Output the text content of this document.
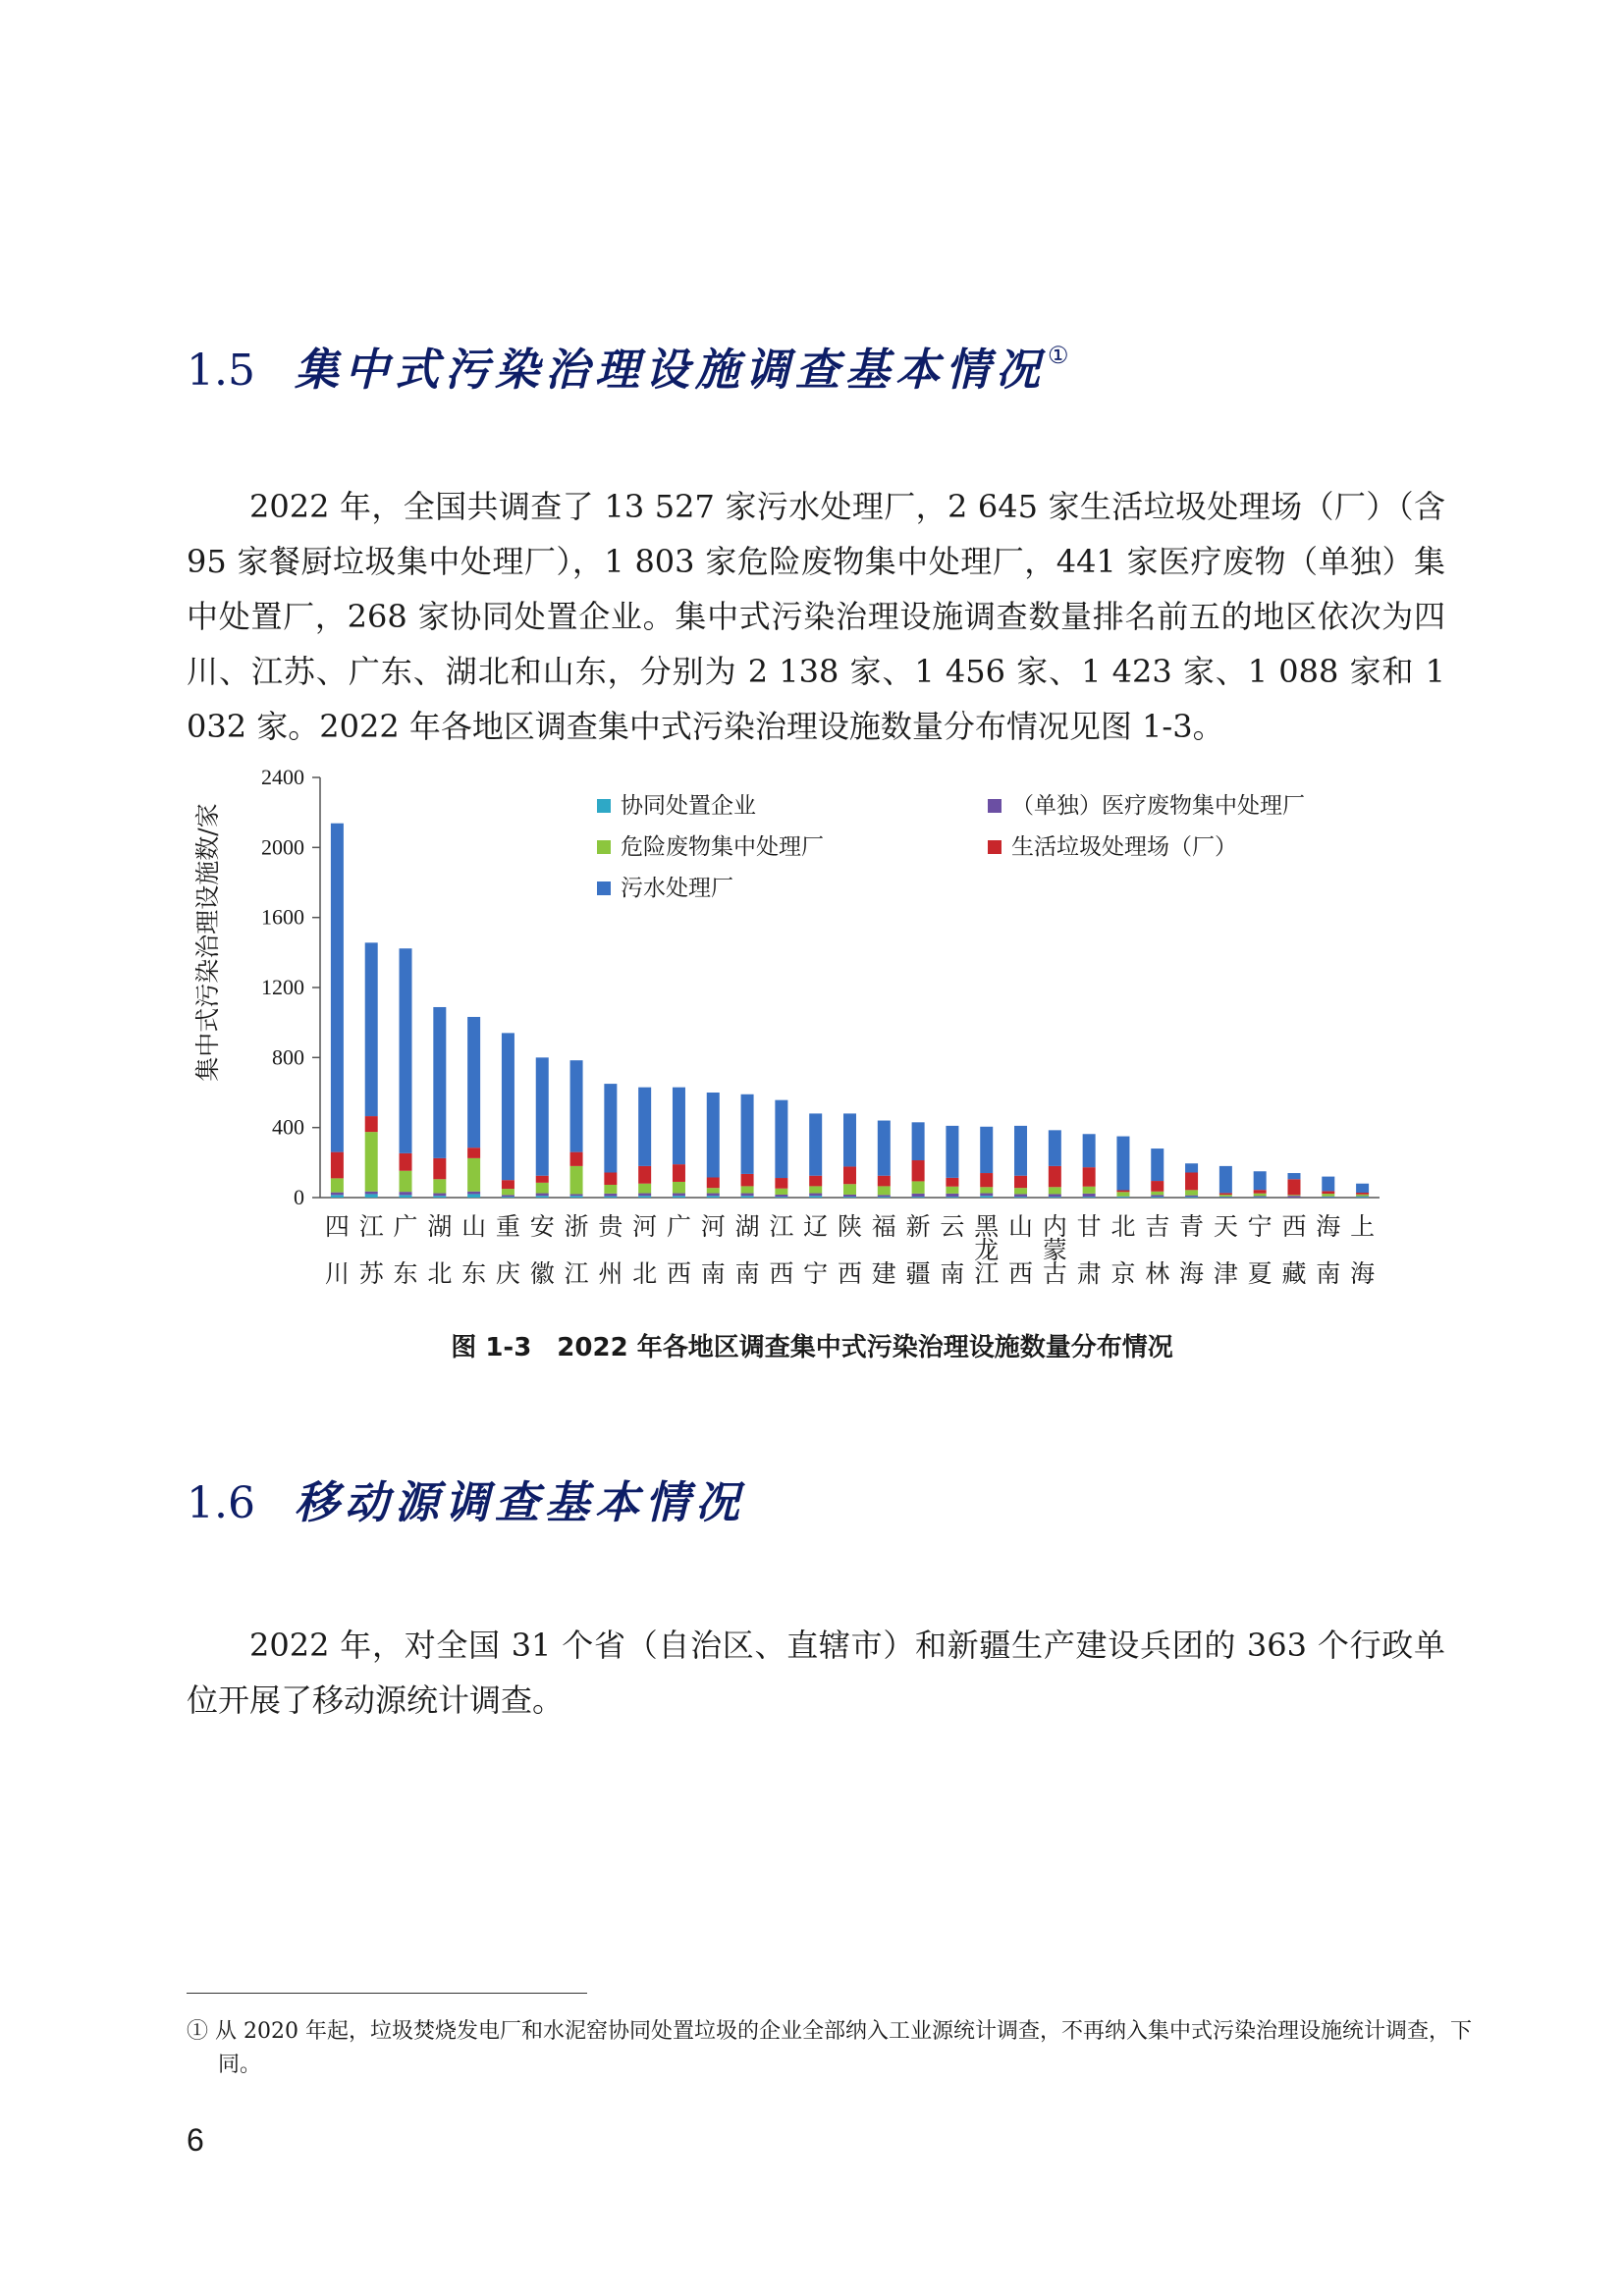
1.5 集中式污染治理设施调查基本情况①

2022 年，全国共调查了 13 527 家污水处理厂，2 645 家生活垃圾处理场（厂）（含 95 家餐厨垃圾集中处理厂），1 803 家危险废物集中处理厂，441 家医疗废物（单独）集中处置厂，268 家协同处置企业。集中式污染治理设施调查数量排名前五的地区依次为四川、江苏、广东、湖北和山东，分别为 2 138 家、1 456 家、1 423 家、1 088 家和 1 032 家。2022 年各地区调查集中式污染治理设施数量分布情况见图 1-3。

0
400
800
1200
1600
2000
2400
四川
江苏
广东
湖北
山东
重庆
安徽
浙江
贵州
河北
广西
河南
湖南
江西
辽宁
陕西
福建
新疆
云南
黑龙江
山西
内蒙古
甘肃
北京
吉林
青海
天津
宁夏
西藏
海南
上海
协同处置企业	（单独）医疗废物集中处理厂
危险废物集中处理厂	生活垃圾处理场（厂）
污水处理厂
集中式污染治理设施数/家

图 1-3　2022 年各地区调查集中式污染治理设施数量分布情况

1.6 移动源调查基本情况

2022 年，对全国 31 个省（自治区、直辖市）和新疆生产建设兵团的 363 个行政单位开展了移动源统计调查。

① 从 2020 年起，垃圾焚烧发电厂和水泥窑协同处置垃圾的企业全部纳入工业源统计调查，不再纳入集中式污染治理设施统计调查，下同。

6
